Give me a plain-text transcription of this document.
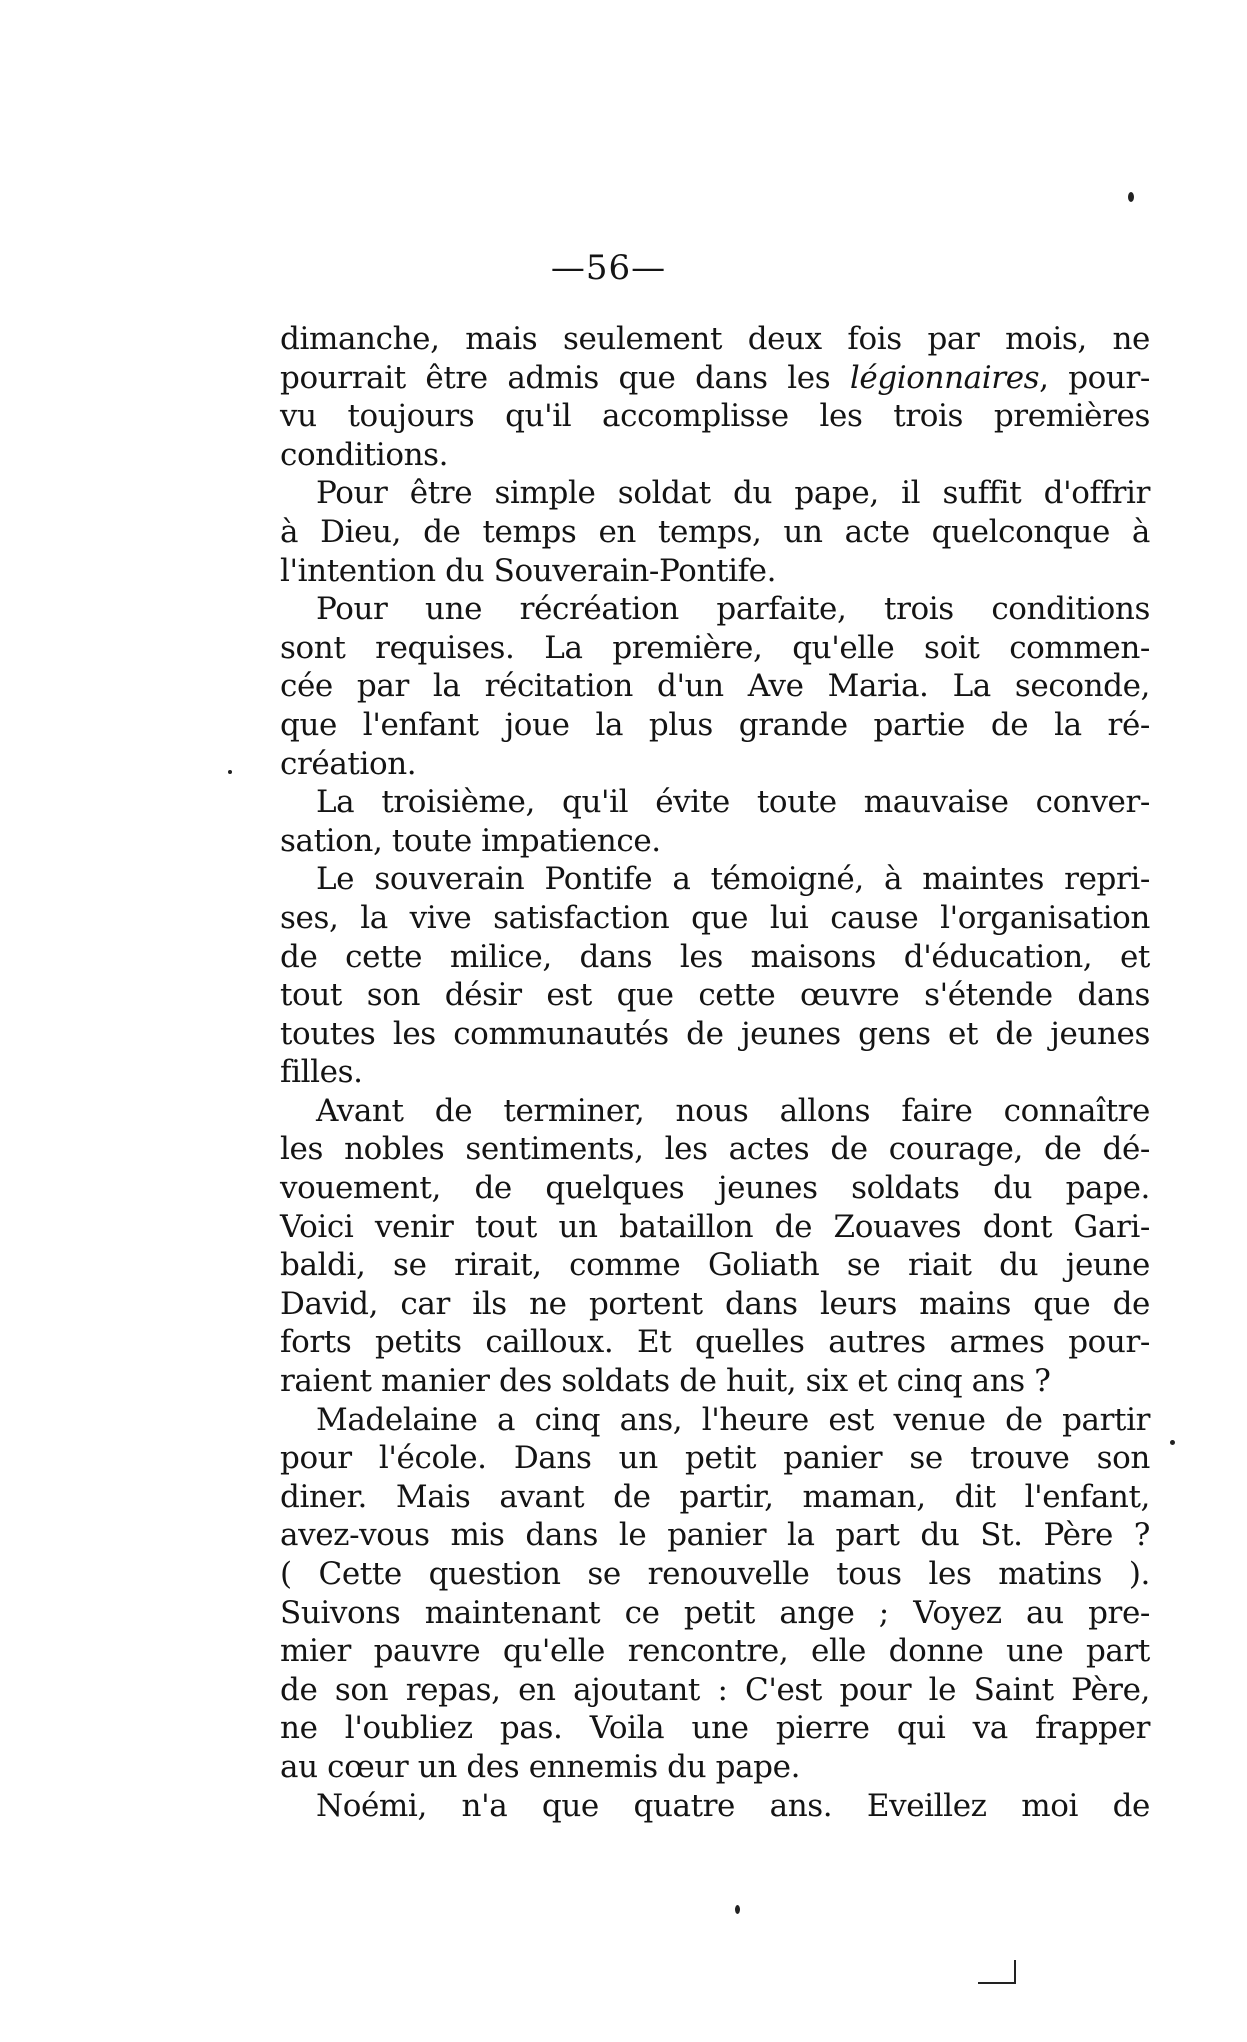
—56—
dimanche, mais seulement deux fois par mois, ne
pourrait être admis que dans les légionnaires, pour-
vu toujours qu'il accomplisse les trois premières
conditions.
Pour être simple soldat du pape, il suffit d'offrir
à Dieu, de temps en temps, un acte quelconque à
l'intention du Souverain-Pontife.
Pour une récréation parfaite, trois conditions
sont requises. La première, qu'elle soit commen-
cée par la récitation d'un Ave Maria. La seconde,
que l'enfant joue la plus grande partie de la ré-
création.
La troisième, qu'il évite toute mauvaise conver-
sation, toute impatience.
Le souverain Pontife a témoigné, à maintes repri-
ses, la vive satisfaction que lui cause l'organisation
de cette milice, dans les maisons d'éducation, et
tout son désir est que cette œuvre s'étende dans
toutes les communautés de jeunes gens et de jeunes
filles.
Avant de terminer, nous allons faire connaître
les nobles sentiments, les actes de courage, de dé-
vouement, de quelques jeunes soldats du pape.
Voici venir tout un bataillon de Zouaves dont Gari-
baldi, se rirait, comme Goliath se riait du jeune
David, car ils ne portent dans leurs mains que de
forts petits cailloux. Et quelles autres armes pour-
raient manier des soldats de huit, six et cinq ans ?
Madelaine a cinq ans, l'heure est venue de partir
pour l'école. Dans un petit panier se trouve son
diner. Mais avant de partir, maman, dit l'enfant,
avez-vous mis dans le panier la part du St. Père ?
( Cette question se renouvelle tous les matins ).
Suivons maintenant ce petit ange ; Voyez au pre-
mier pauvre qu'elle rencontre, elle donne une part
de son repas, en ajoutant : C'est pour le Saint Père,
ne l'oubliez pas. Voila une pierre qui va frapper
au cœur un des ennemis du pape.
Noémi, n'a que quatre ans. Eveillez moi de
